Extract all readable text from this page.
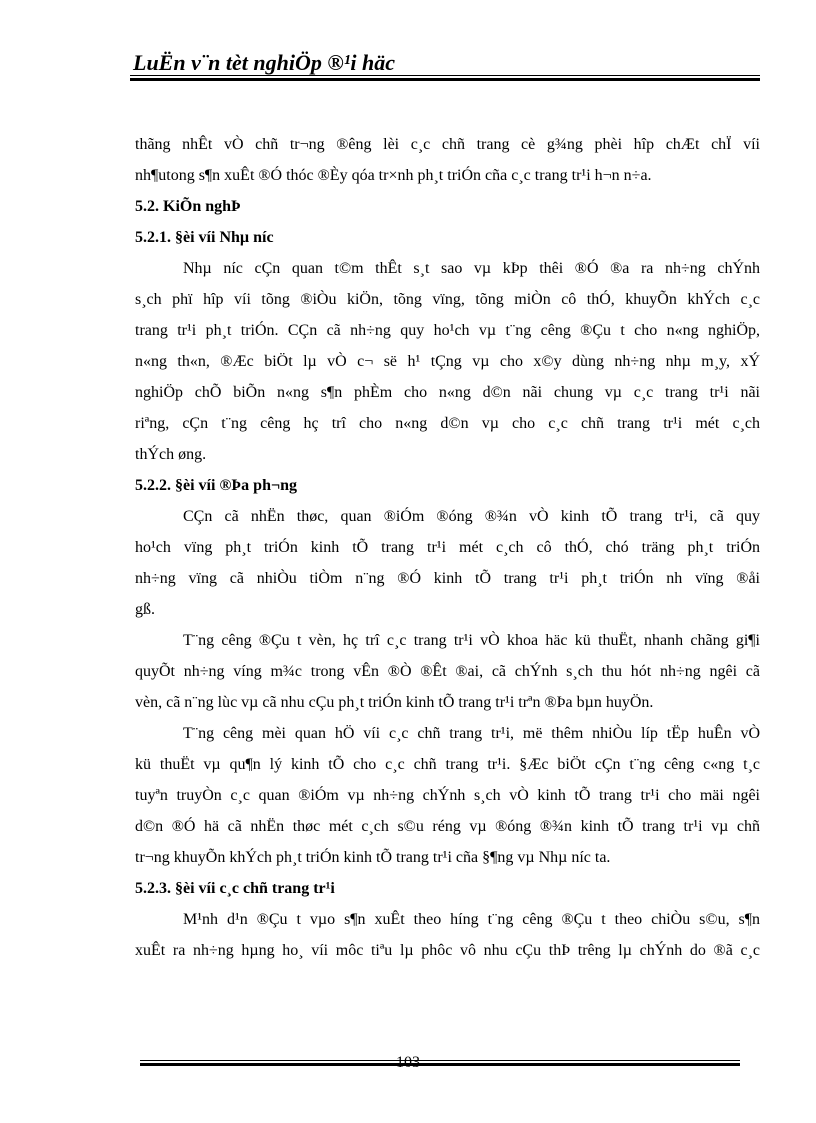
LuËn v¨n tèt nghiÖp ®¹i häc
thãng nhÊt vÒ chñ tr¬ng ®êng lèi c¸c chñ trang cè g¾ng phèi hîp chÆt chÏ víi
nh¶utong s¶n xuÊt ®Ó thóc ®Èy qóa tr×nh ph¸t triÓn cña c¸c trang tr¹i h¬n n÷a.
5.2. KiÕn nghÞ
5.2.1. §èi víi Nhµ níc
Nhµ níc cÇn quan t©m thÊt s¸t sao vµ kÞp thêi ®Ó ®a ra nh÷ng chÝnh
s¸ch phï hîp víi tõng ®iÒu kiÖn, tõng vïng, tõng miÒn cô thÓ, khuyÕn khÝch c¸c
trang tr¹i ph¸t triÓn. CÇn cã nh÷ng quy ho¹ch vµ t¨ng cêng ®Çu t cho n«ng nghiÖp,
n«ng th«n, ®Æc biÖt lµ vÒ c¬ së h¹ tÇng vµ cho x©y dùng nh÷ng nhµ m¸y, xÝ
nghiÖp chÕ biÕn n«ng s¶n phÈm cho n«ng d©n nãi chung vµ c¸c trang tr¹i nãi
riªng, cÇn t¨ng cêng hç trî cho n«ng d©n vµ cho c¸c chñ trang tr¹i mét c¸ch
thÝch øng.
5.2.2. §èi víi ®Þa ph¬ng
CÇn cã nhËn thøc, quan ®iÓm ®óng ®¾n vÒ kinh tÕ trang tr¹i, cã quy
ho¹ch vïng ph¸t triÓn kinh tÕ trang tr¹i mét c¸ch cô thÓ, chó träng ph¸t triÓn
nh÷ng vïng cã nhiÒu tiÒm n¨ng ®Ó kinh tÕ trang tr¹i ph¸t triÓn nh vïng ®åi
gß.
T¨ng cêng ®Çu t vèn, hç trî c¸c trang tr¹i vÒ khoa häc kü thuËt, nhanh chãng gi¶i
quyÕt nh÷ng víng m¾c trong vÊn ®Ò ®Êt ®ai, cã chÝnh s¸ch thu hót nh÷ng ngêi cã
vèn, cã n¨ng lùc vµ cã nhu cÇu ph¸t triÓn kinh tÕ trang tr¹i trªn ®Þa bµn huyÖn.
T¨ng cêng mèi quan hÖ víi c¸c chñ trang tr¹i, më thêm nhiÒu líp tËp huÊn vÒ
kü thuËt vµ qu¶n lý kinh tÕ cho c¸c chñ trang tr¹i. §Æc biÖt cÇn t¨ng cêng c«ng t¸c
tuyªn truyÒn c¸c quan ®iÓm vµ nh÷ng chÝnh s¸ch vÒ kinh tÕ trang tr¹i cho mäi ngêi
d©n ®Ó hä cã nhËn thøc mét c¸ch s©u réng vµ ®óng ®¾n kinh tÕ trang tr¹i vµ chñ
tr¬ng khuyÕn khÝch ph¸t triÓn kinh tÕ trang tr¹i cña §¶ng vµ Nhµ níc ta.
5.2.3. §èi víi c¸c chñ trang tr¹i
M¹nh d¹n ®Çu t vµo s¶n xuÊt theo híng t¨ng cêng ®Çu t theo chiÒu s©u, s¶n
xuÊt ra nh÷ng hµng ho¸ víi môc tiªu lµ phôc vô nhu cÇu thÞ trêng lµ chÝnh do ®ã c¸c
103
